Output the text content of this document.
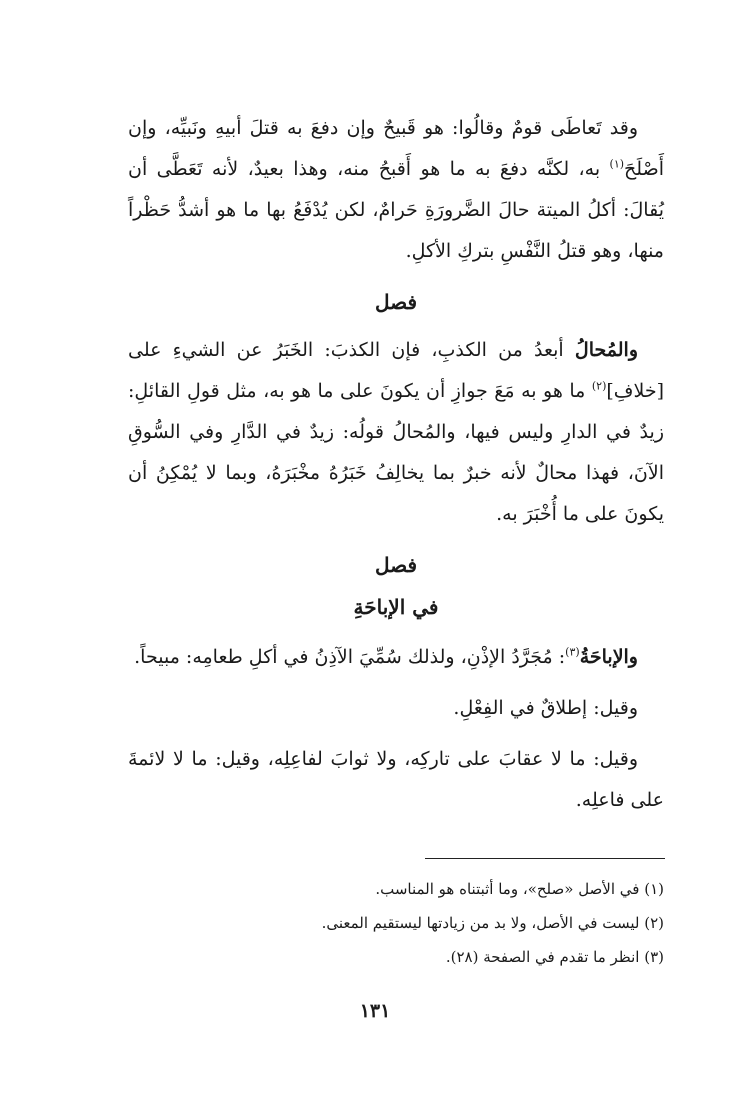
وقد تَعاطَى قومٌ وقالُوا: هو قَبيحٌ وإن دفعَ به قتلَ أبيهِ ونَبيِّه، وإن أَصْلَحَ$^{(١)}$ به، لكنَّه دفعَ به ما هو أَقبحُ منه، وهذا بعيدٌ، لأنه تَعَطَّى أن يُقالَ: أكلُ الميتة حالَ الضَّرورَةِ حَرامٌ، لكن يُدْفَعُ بها ما هو أشدُّ حَظْراً منها، وهو قتلُ النَّفْسِ بتركِ الأكلِ.

فصل

والمُحالُ أبعدُ من الكذبِ، فإن الكذبَ: الخَبَرُ عن الشيءِ على [خلافِ]$^{(٢)}$ ما هو به مَعَ جوازِ أن يكونَ على ما هو به، مثل قولِ القائلِ: زيدٌ في الدارِ وليس فيها، والمُحالُ قولُه: زيدٌ في الدَّارِ وفي السُّوقِ الآنَ، فهذا محالٌ لأنه خبرٌ بما يخالِفُ خَبَرُهُ مخْبَرَهُ، وبما لا يُمْكِنُ أن يكونَ على ما أُخْبَرَ به.

فصل
في الإباحَةِ

والإباحَةُ$^{(٣)}$: مُجَرَّدُ الإذْنِ، ولذلك سُمِّيَ الآذِنُ في أكلِ طعامِه: مبيحاً.

وقيل: إطلاقٌ في الفِعْلِ.

وقيل: ما لا عقابَ على تاركِه، ولا ثوابَ لفاعِلِه، وقيل: ما لا لائمةَ على فاعلِه.

(١) في الأصل «صلح»، وما أثبتناه هو المناسب.

(٢) ليست في الأصل، ولا بد من زيادتها ليستقيم المعنى.

(٣) انظر ما تقدم في الصفحة (٢٨).

١٣١
